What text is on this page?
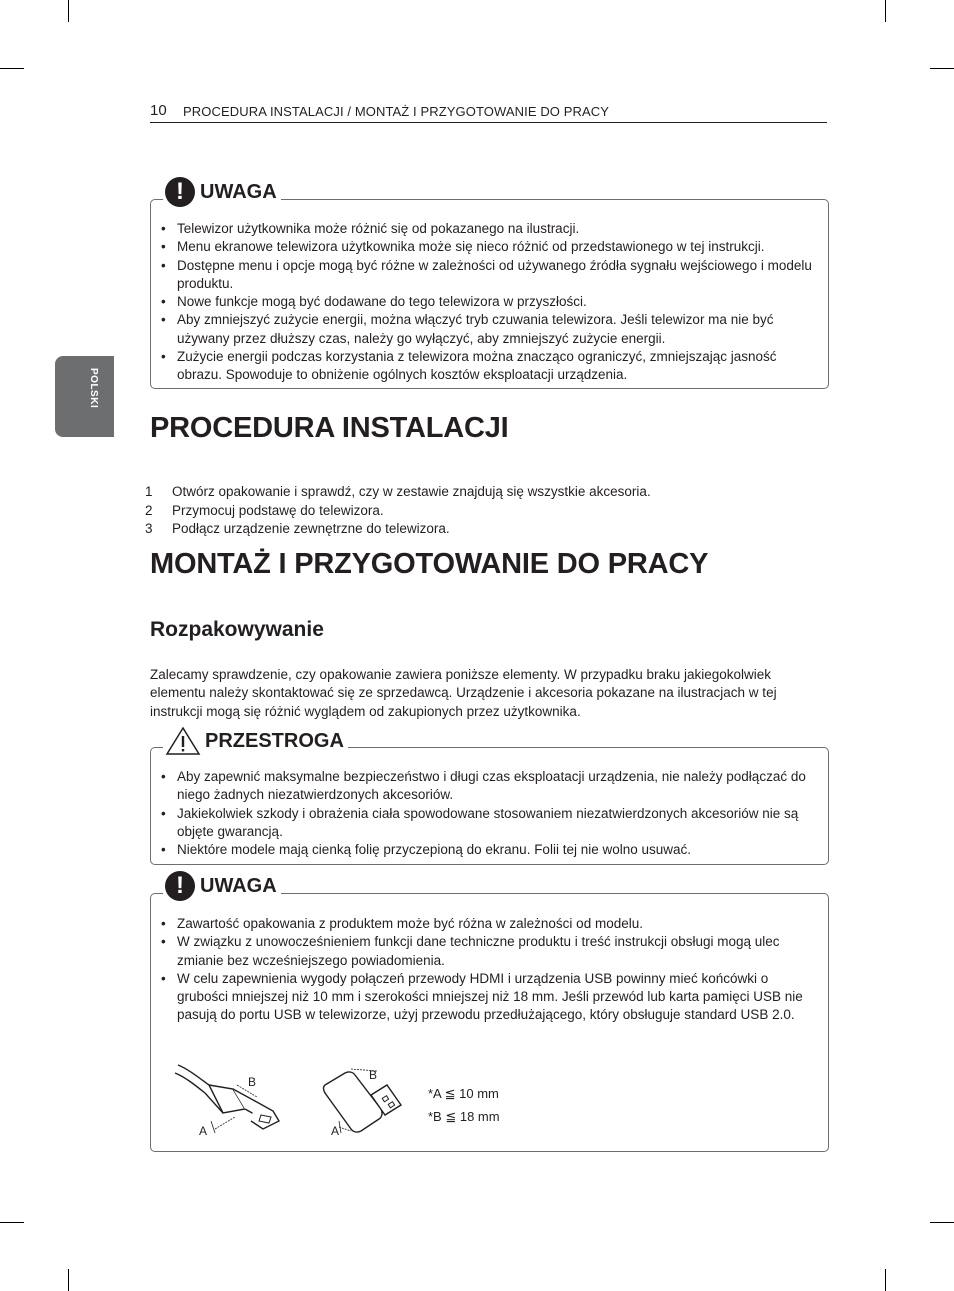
10 PROCEDURA INSTALACJI / MONTAŻ I PRZYGOTOWANIE DO PRACY
POLSKI
! UWAGA
• Telewizor użytkownika może różnić się od pokazanego na ilustracji.
• Menu ekranowe telewizora użytkownika może się nieco różnić od przedstawionego w tej instrukcji.
• Dostępne menu i opcje mogą być różne w zależności od używanego źródła sygnału wejściowego i modelu produktu.
• Nowe funkcje mogą być dodawane do tego telewizora w przyszłości.
• Aby zmniejszyć zużycie energii, można włączyć tryb czuwania telewizora. Jeśli telewizor ma nie być używany przez dłuższy czas, należy go wyłączyć, aby zmniejszyć zużycie energii.
• Zużycie energii podczas korzystania z telewizora można znacząco ograniczyć, zmniejszając jasność obrazu. Spowoduje to obniżenie ogólnych kosztów eksploatacji urządzenia.
PROCEDURA INSTALACJI
1	Otwórz opakowanie i sprawdź, czy w zestawie znajdują się wszystkie akcesoria.
2	Przymocuj podstawę do telewizora.
3	Podłącz urządzenie zewnętrzne do telewizora.
MONTAŻ I PRZYGOTOWANIE DO PRACY
Rozpakowywanie
Zalecamy sprawdzenie, czy opakowanie zawiera poniższe elementy. W przypadku braku jakiegokolwiek elementu należy skontaktować się ze sprzedawcą. Urządzenie i akcesoria pokazane na ilustracjach w tej instrukcji mogą się różnić wyglądem od zakupionych przez użytkownika.
PRZESTROGA
• Aby zapewnić maksymalne bezpieczeństwo i długi czas eksploatacji urządzenia, nie należy podłączać do niego żadnych niezatwierdzonych akcesoriów.
• Jakiekolwiek szkody i obrażenia ciała spowodowane stosowaniem niezatwierdzonych akcesoriów nie są objęte gwarancją.
• Niektóre modele mają cienką folię przyczepioną do ekranu. Folii tej nie wolno usuwać.
! UWAGA
• Zawartość opakowania z produktem może być różna w zależności od modelu.
• W związku z unowocześnieniem funkcji dane techniczne produktu i treść instrukcji obsługi mogą ulec zmianie bez wcześniejszego powiadomienia.
• W celu zapewnienia wygody połączeń przewody HDMI i urządzenia USB powinny mieć końcówki o grubości mniejszej niż 10 mm i szerokości mniejszej niż 18 mm. Jeśli przewód lub karta pamięci USB nie pasują do portu USB w telewizorze, użyj przewodu przedłużającego, który obsługuje standard USB 2.0.
B
A
B
A
*A ≦ 10 mm
*B ≦ 18 mm
